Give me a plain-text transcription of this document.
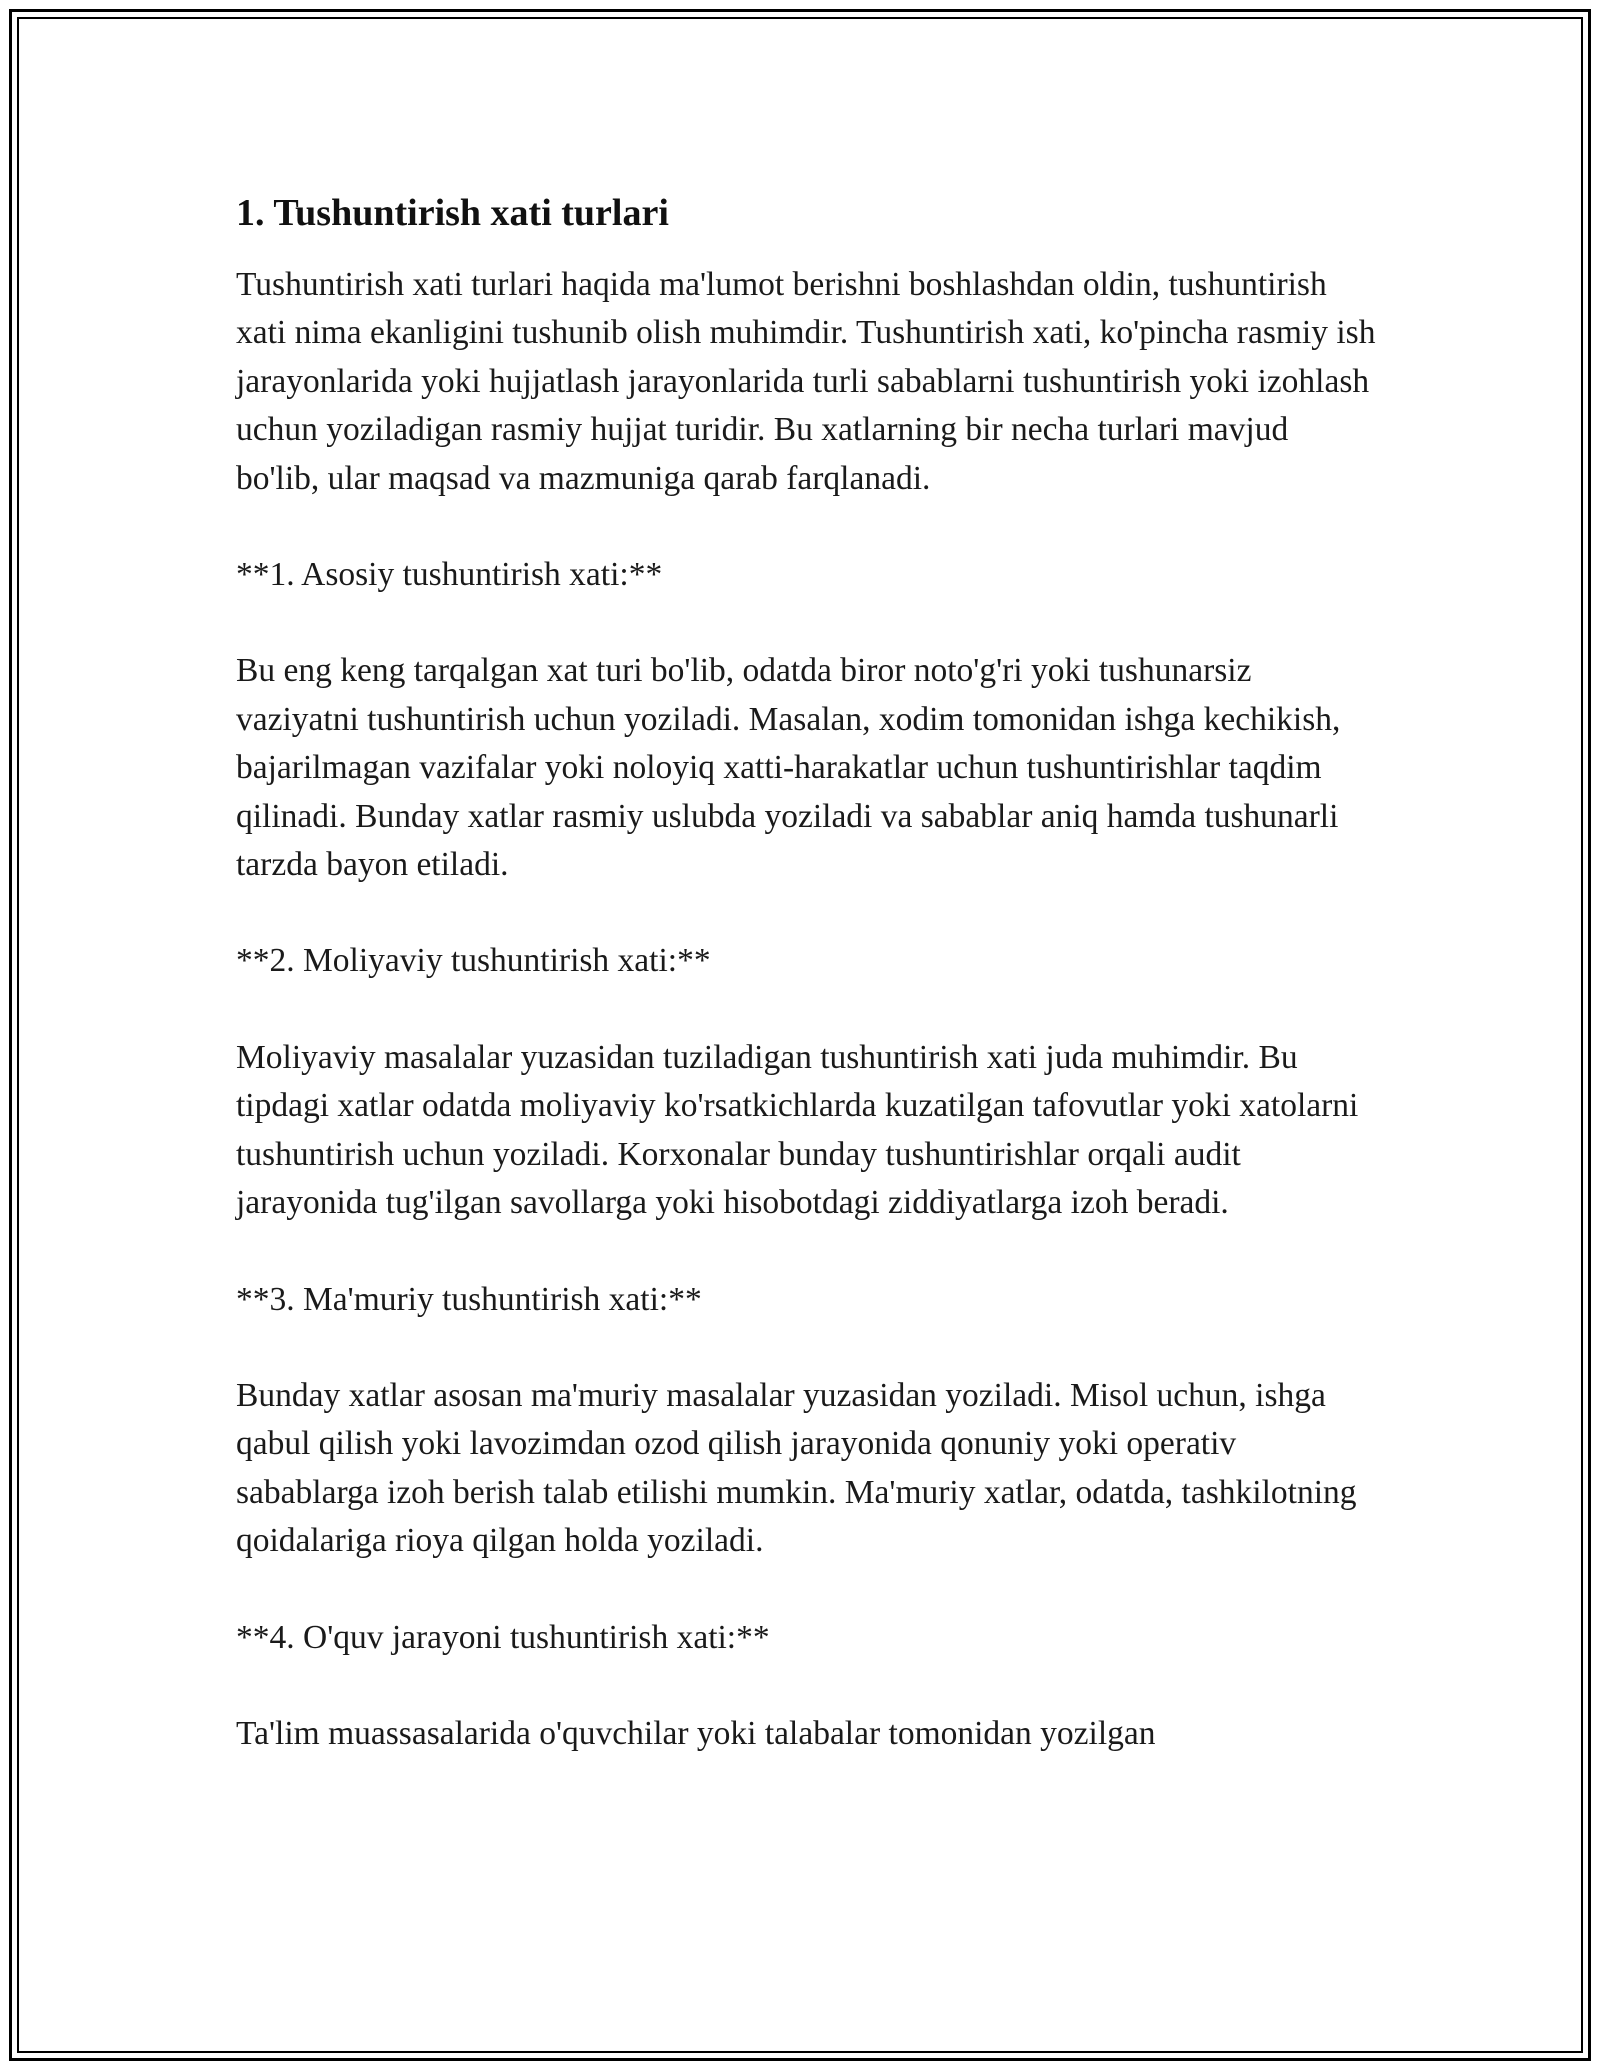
1. Tushuntirish xati turlari

Tushuntirish xati turlari haqida ma'lumot berishni boshlashdan oldin, tushuntirish xati nima ekanligini tushunib olish muhimdir. Tushuntirish xati, ko'pincha rasmiy ish jarayonlarida yoki hujjatlash jarayonlarida turli sabablarni tushuntirish yoki izohlash uchun yoziladigan rasmiy hujjat turidir. Bu xatlarning bir necha turlari mavjud bo'lib, ular maqsad va mazmuniga qarab farqlanadi.

**1. Asosiy tushuntirish xati:**

Bu eng keng tarqalgan xat turi bo'lib, odatda biror noto'g'ri yoki tushunarsiz vaziyatni tushuntirish uchun yoziladi. Masalan, xodim tomonidan ishga kechikish, bajarilmagan vazifalar yoki noloyiq xatti-harakatlar uchun tushuntirishlar taqdim qilinadi. Bunday xatlar rasmiy uslubda yoziladi va sabablar aniq hamda tushunarli tarzda bayon etiladi.

**2. Moliyaviy tushuntirish xati:**

Moliyaviy masalalar yuzasidan tuziladigan tushuntirish xati juda muhimdir. Bu tipdagi xatlar odatda moliyaviy ko'rsatkichlarda kuzatilgan tafovutlar yoki xatolarni tushuntirish uchun yoziladi. Korxonalar bunday tushuntirishlar orqali audit jarayonida tug'ilgan savollarga yoki hisobotdagi ziddiyatlarga izoh beradi.

**3. Ma'muriy tushuntirish xati:**

Bunday xatlar asosan ma'muriy masalalar yuzasidan yoziladi. Misol uchun, ishga qabul qilish yoki lavozimdan ozod qilish jarayonida qonuniy yoki operativ sabablarga izoh berish talab etilishi mumkin. Ma'muriy xatlar, odatda, tashkilotning qoidalariga rioya qilgan holda yoziladi.

**4. O'quv jarayoni tushuntirish xati:**

Ta'lim muassasalarida o'quvchilar yoki talabalar tomonidan yozilgan
